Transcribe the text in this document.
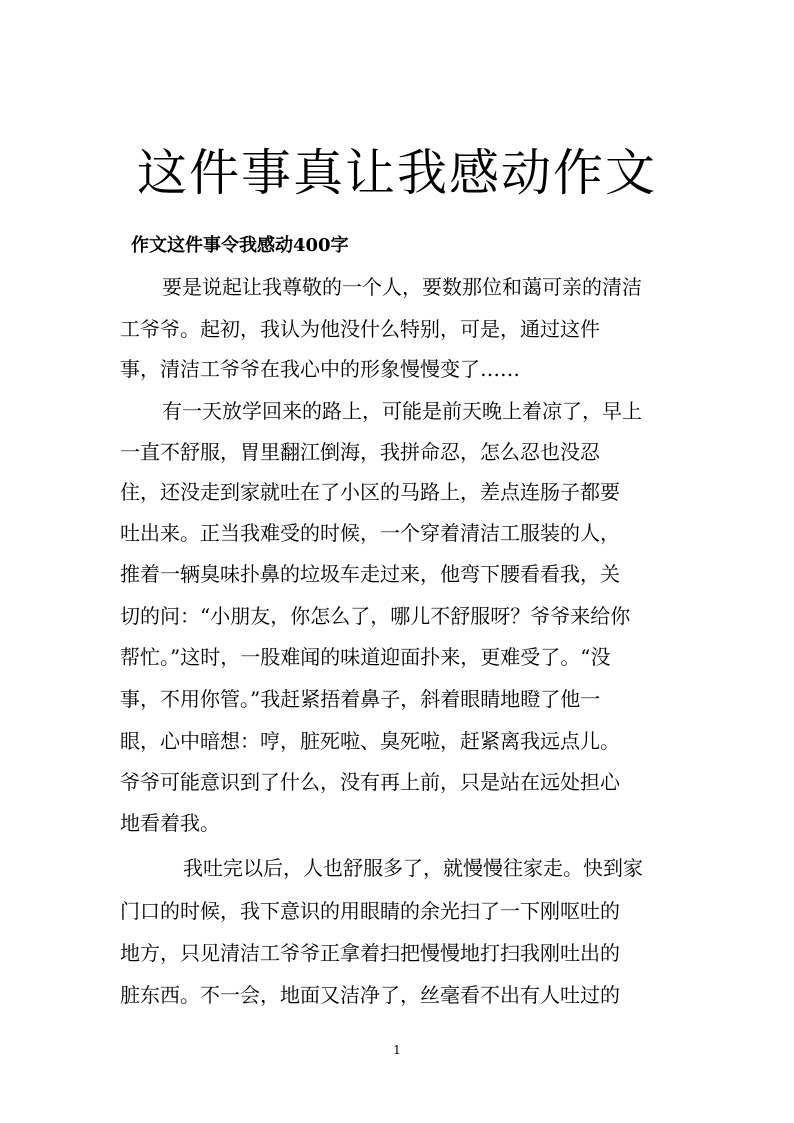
这件事真让我感动作文
作文这件事令我感动400字
要是说起让我尊敬的一个人，要数那位和蔼可亲的清洁
工爷爷。起初，我认为他没什么特别，可是，通过这件
事，清洁工爷爷在我心中的形象慢慢变了……
有一天放学回来的路上，可能是前天晚上着凉了，早上
一直不舒服，胃里翻江倒海，我拼命忍，怎么忍也没忍
住，还没走到家就吐在了小区的马路上，差点连肠子都要
吐出来。正当我难受的时候，一个穿着清洁工服装的人，
推着一辆臭味扑鼻的垃圾车走过来，他弯下腰看看我，关
切的问：“小朋友，你怎么了，哪儿不舒服呀？爷爷来给你
帮忙。”这时，一股难闻的味道迎面扑来，更难受了。“没
事，不用你管。”我赶紧捂着鼻子，斜着眼睛地瞪了他一
眼，心中暗想：哼，脏死啦、臭死啦，赶紧离我远点儿。
爷爷可能意识到了什么，没有再上前，只是站在远处担心
地看着我。
我吐完以后，人也舒服多了，就慢慢往家走。快到家
门口的时候，我下意识的用眼睛的余光扫了一下刚呕吐的
地方，只见清洁工爷爷正拿着扫把慢慢地打扫我刚吐出的
脏东西。不一会，地面又洁净了，丝毫看不出有人吐过的
1
